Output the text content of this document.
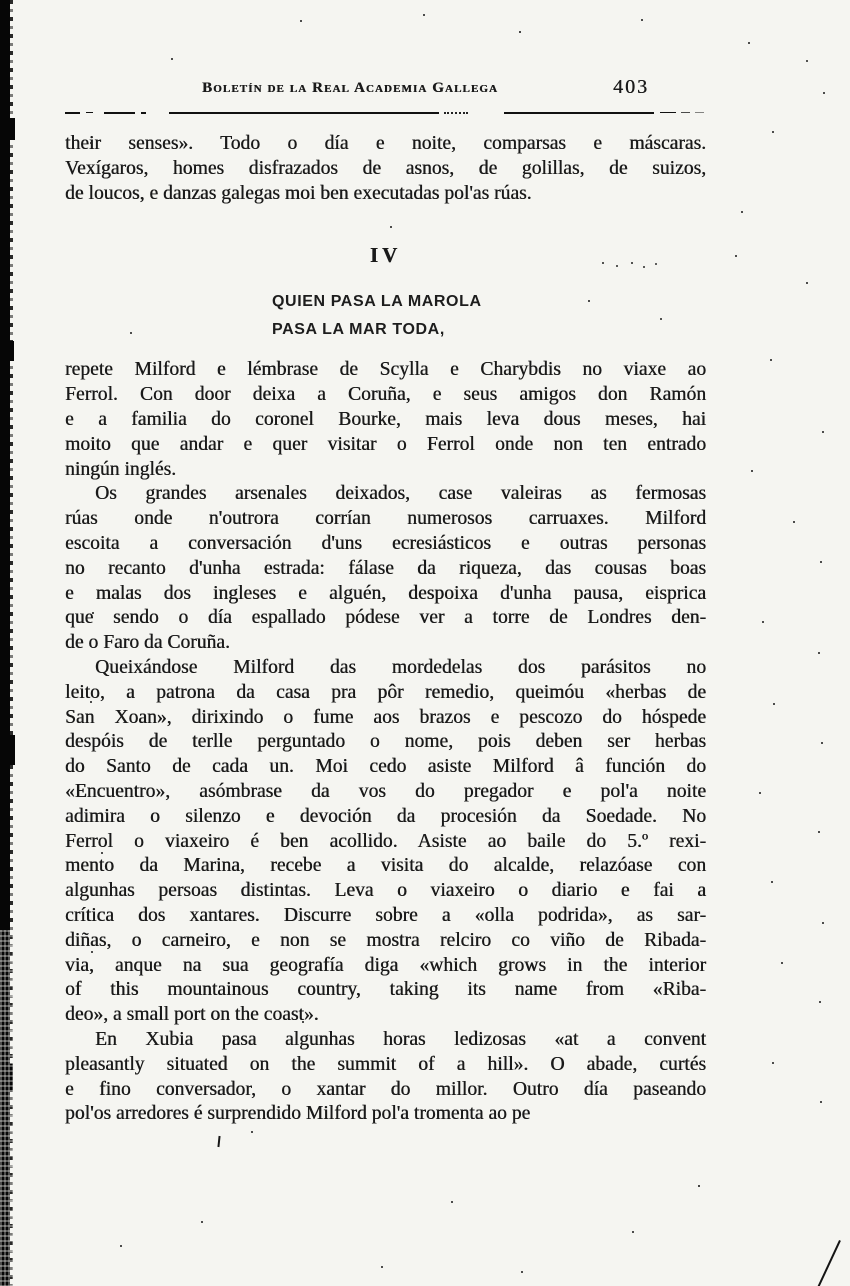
Boletín de la Real Academia Gallega	403
their senses». Todo o día e noite, comparsas e máscaras.
Vexígaros, homes disfrazados de asnos, de golillas, de suizos,
de loucos, e danzas galegas moi ben executadas pol'as rúas.
IV
QUIEN PASA LA MAROLA
PASA LA MAR TODA,
repete Milford e lémbrase de Scylla e Charybdis no viaxe ao
Ferrol. Con door deixa a Coruña, e seus amigos don Ramón
e a familia do coronel Bourke, mais leva dous meses, hai
moito que andar e quer visitar o Ferrol onde non ten entrado
ningún inglés.
Os grandes arsenales deixados, case valeiras as fermosas
rúas onde n'outrora corrían numerosos carruaxes. Milford
escoita a conversación d'uns ecresiásticos e outras personas
no recanto d'unha estrada: fálase da riqueza, das cousas boas
e malas dos ingleses e alguén, despoixa d'unha pausa, eisprica
que sendo o día espallado pódese ver a torre de Londres den-
de o Faro da Coruña.
Queixándose Milford das mordedelas dos parásitos no
leito, a patrona da casa pra pôr remedio, queimóu «herbas de
San Xoan», dirixindo o fume aos brazos e pescozo do hóspede
despóis de terlle perguntado o nome, pois deben ser herbas
do Santo de cada un. Moi cedo asiste Milford â función do
«Encuentro», asómbrase da vos do pregador e pol'a noite
adimira o silenzo e devoción da procesión da Soedade. No
Ferrol o viaxeiro é ben acollido. Asiste ao baile do 5.º rexi-
mento da Marina, recebe a visita do alcalde, relazóase con
algunhas persoas distintas. Leva o viaxeiro o diario e fai a
crítica dos xantares. Discurre sobre a «olla podrida», as sar-
diñas, o carneiro, e non se mostra relciro co viño de Ribada-
via, anque na sua geografía diga «which grows in the interior
of this mountainous country, taking its name from «Riba-
deo», a small port on the coast».
En Xubia pasa algunhas horas ledizosas «at a convent
pleasantly situated on the summit of a hill». O abade, curtés
e fino conversador, o xantar do millor. Outro día paseando
pol'os arredores é surprendido Milford pol'a tromenta ao pe
